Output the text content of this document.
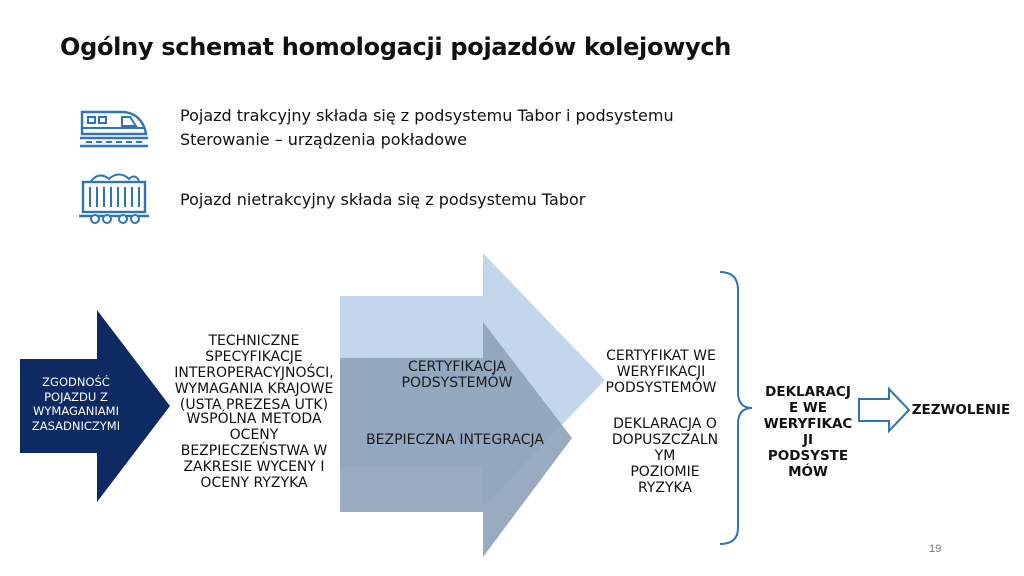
Ogólny schemat homologacji pojazdów kolejowych
Pojazd trakcyjny składa się z podsystemu Tabor i podsystemu
Sterowanie – urządzenia pokładowe
Pojazd nietrakcyjny składa się z podsystemu Tabor
ZGODNOŚĆ
POJAZDU Z
WYMAGANIAMI
ZASADNICZYMI
TECHNICZNE
SPECYFIKACJE
INTEROPERACYJNOŚCI,
WYMAGANIA KRAJOWE
(USTA PREZESA UTK)
WSPÓLNA METODA
OCENY
BEZPIECZEŃSTWA W
ZAKRESIE WYCENY I
OCENY RYZYKA
CERTYFIKACJA
PODSYSTEMÓW
BEZPIECZNA INTEGRACJA
CERTYFIKAT WE
WERYFIKACJI
PODSYSTEMÓW
DEKLARACJA O
DOPUSZCZALN
YM
POZIOMIE
RYZYKA
DEKLARACJ
E WE
WERYFIKAC
JI
PODSYSTE
MÓW
ZEZWOLENIE
19
